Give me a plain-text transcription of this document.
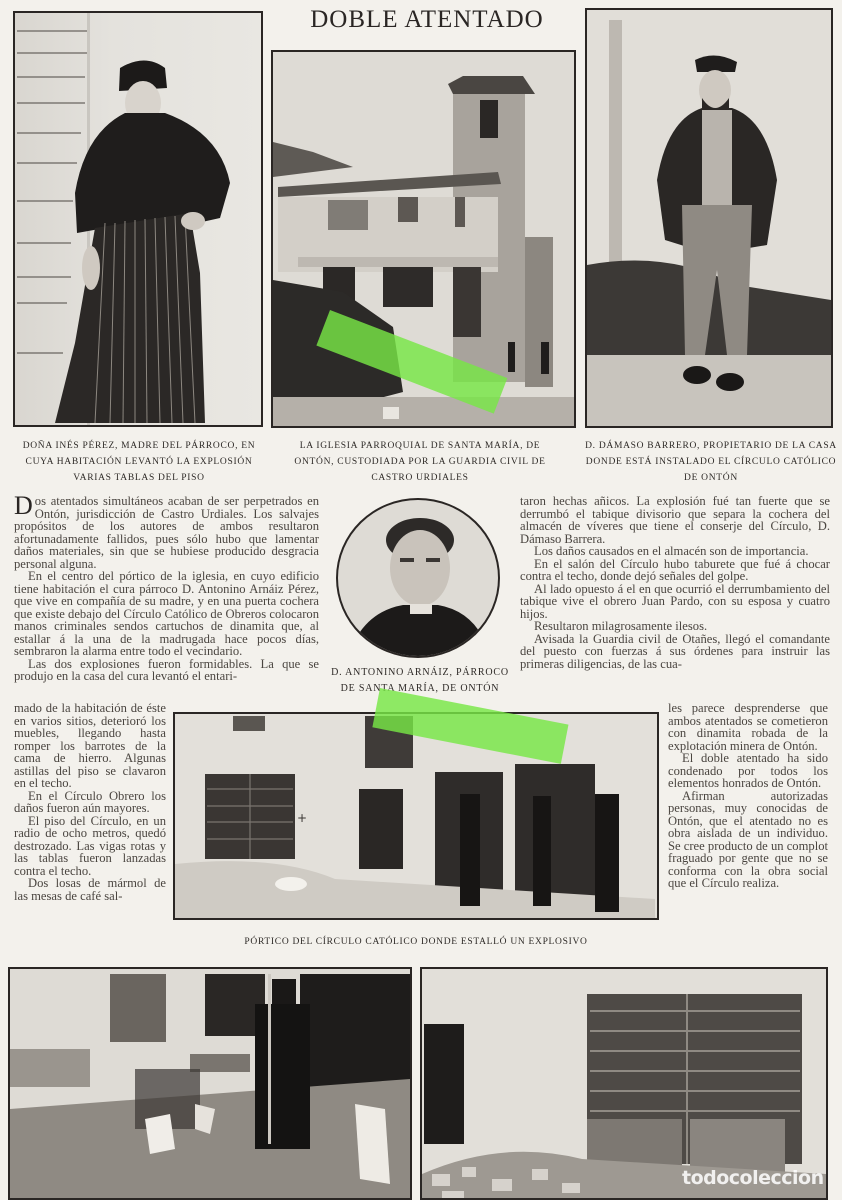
DOBLE ATENTADO
DOÑA INÉS PÉREZ, MADRE DEL PÁRROCO, EN CUYA HABITACIÓN LEVANTÓ LA EXPLOSIÓN VARIAS TABLAS DEL PISO
LA IGLESIA PARROQUIAL DE SANTA MARÍA, DE ONTÓN, CUSTODIADA POR LA GUARDIA CIVIL DE CASTRO URDIALES
D. DÁMASO BARRERO, PROPIETARIO DE LA CASA DONDE ESTÁ INSTALADO EL CÍRCULO CATÓLICO DE ONTÓN

Dos atentados simultáneos acaban de ser perpetrados en Ontón, jurisdicción de Castro Urdiales. Los salvajes propósitos de los autores de ambos resultaron afortunadamente fallidos, pues sólo hubo que lamentar daños materiales, sin que se hubiese producido desgracia personal alguna.

En el centro del pórtico de la iglesia, en cuyo edificio tiene habitación el cura párroco D. Antonino Arnáiz Pérez, que vive en compañía de su madre, y en una puerta cochera que existe debajo del Círculo Católico de Obreros colocaron manos criminales sendos cartuchos de dinamita que, al estallar á la una de la madrugada hace pocos días, sembraron la alarma entre todo el vecindario.

Las dos explosiones fueron formidables. La que se produjo en la casa del cura levantó el entari-	D. ANTONINO ARNÁIZ, PÁRROCO
DE SANTA MARÍA, DE ONTÓN

taron hechas añicos. La explosión fué tan fuerte que se derrumbó el tabique divisorio que separa la cochera del almacén de víveres que tiene el conserje del Círculo, D. Dámaso Barrera.

Los daños causados en el almacén son de importancia.

En el salón del Círculo hubo taburete que fué á chocar contra el techo, donde dejó señales del golpe.

Al lado opuesto á el en que ocurrió el derrumbamiento del tabique vive el obrero Juan Pardo, con su esposa y cuatro hijos.

Resultaron milagrosamente ilesos.

Avisada la Guardia civil de Otañes, llegó el comandante del puesto con fuerzas á sus órdenes para instruir las primeras diligencias, de las cua-

mado de la habitación de éste en varios sitios, deterioró los muebles, llegando hasta romper los barrotes de la cama de hierro. Algunas astillas del piso se clavaron en el techo.

En el Círculo Obrero los daños fueron aún mayores.

El piso del Círculo, en un radio de ocho metros, quedó destrozado. Las vigas rotas y las tablas fueron lanzadas contra el techo.

Dos losas de mármol de las mesas de café sal-

+
PÓRTICO DEL CÍRCULO CATÓLICO DONDE ESTALLÓ UN EXPLOSIVO

les parece desprenderse que ambos atentados se cometieron con dinamita robada de la explotación minera de Ontón.

El doble atentado ha sido condenado por todos los elementos honrados de Ontón.

Afirman autorizadas personas, muy conocidas de Ontón, que el atentado no es obra aislada de un individuo. Se cree producto de un complot fraguado por gente que no se conforma con la obra social que el Círculo realiza.

todocoleccion
